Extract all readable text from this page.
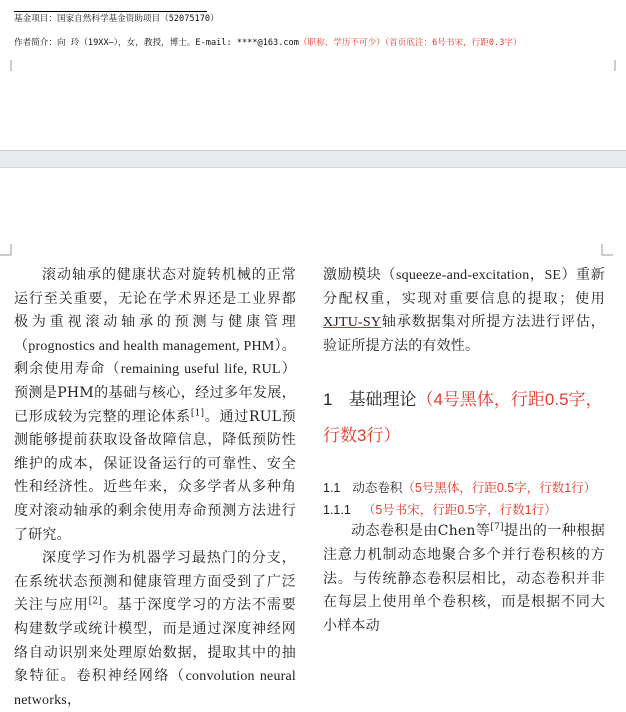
基金项目：国家自然科学基金资助项目（52075170）
作者简介：向 玲（19XX—），女，教授，博士。E-mail: ****@163.com（职称、学历不可少）（首页底注：6号书宋，行距0.3字）

滚动轴承的健康状态对旋转机械的正常运行至关重要，无论在学术界还是工业界都极为重视滚动轴承的预测与健康管理（prognostics and health management, PHM）。剩余使用寿命（remaining useful life, RUL）预测是PHM的基础与核心，经过多年发展，已形成较为完整的理论体系[1]。通过RUL预测能够提前获取设备故障信息，降低预防性维护的成本，保证设备运行的可靠性、安全性和经济性。近些年来，众多学者从多种角度对滚动轴承的剩余使用寿命预测方法进行了研究。

深度学习作为机器学习最热门的分支，在系统状态预测和健康管理方面受到了广泛关注与应用[2]。基于深度学习的方法不需要构建数学或统计模型，而是通过深度神经网络自动识别来处理原始数据，提取其中的抽象特征。卷积神经网络（convolution neural networks，

激励模块（squeeze-and-excitation，SE）重新分配权重，实现对重要信息的提取；使用XJTU-SY轴承数据集对所提方法进行评估，验证所提方法的有效性。

1 基础理论（4号黑体，行距0.5字，行数3行）
1.1 动态卷积（5号黑体，行距0.5字，行数1行）
1.1.1 （5号书宋，行距0.5字，行数1行）

动态卷积是由Chen等[7]提出的一种根据注意力机制动态地聚合多个并行卷积核的方法。与传统静态卷积层相比，动态卷积并非在每层上使用单个卷积核，而是根据不同大小样本动
